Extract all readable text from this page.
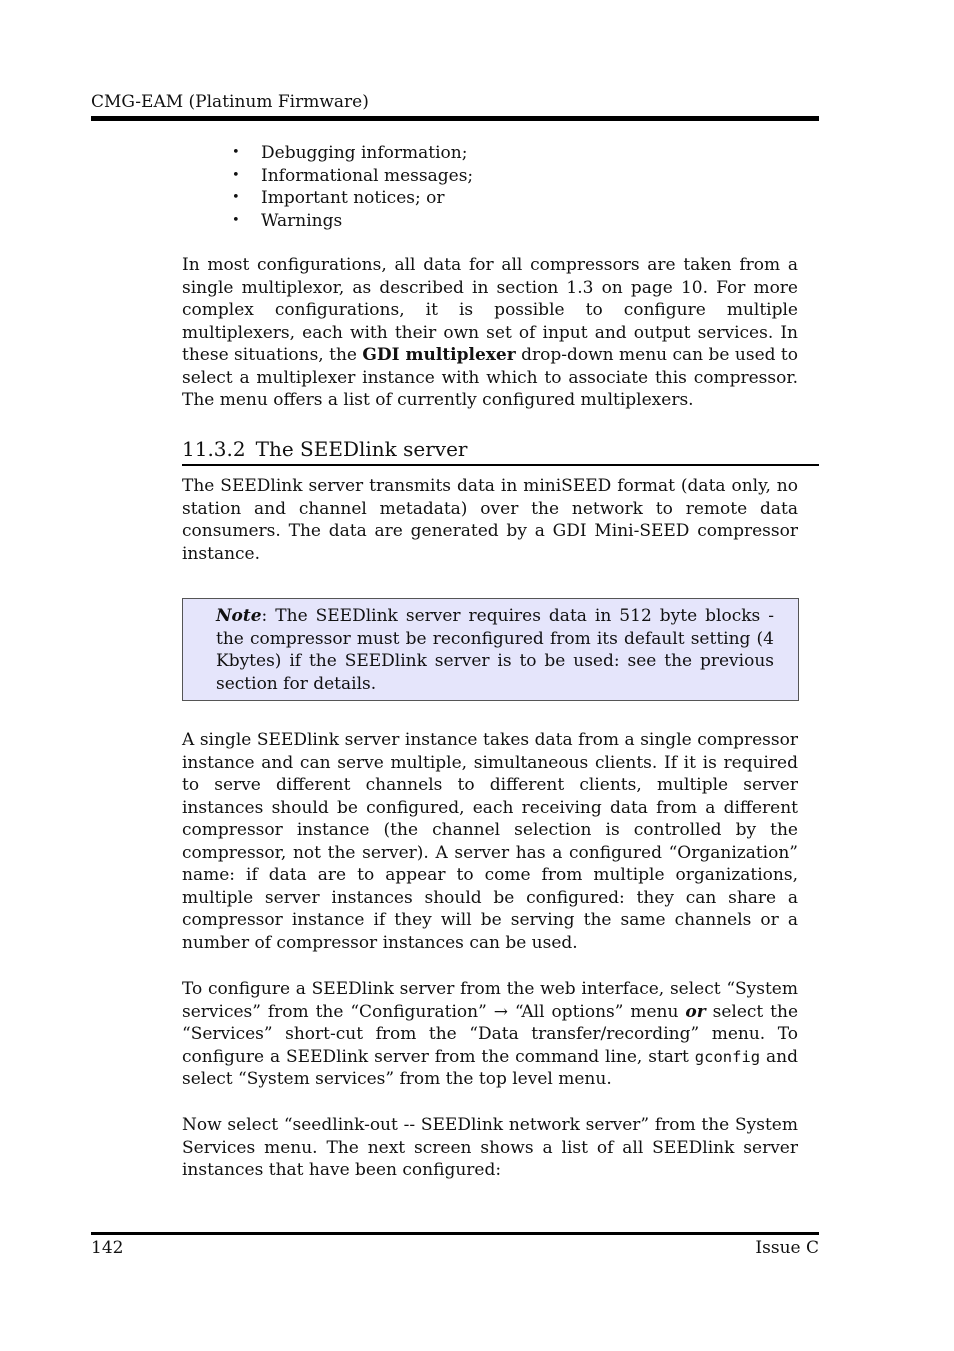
CMG-EAM (Platinum Firmware)
• Debugging information;
• Informational messages;
• Important notices; or
• Warnings

In most configurations, all data for all compressors are taken from a single multiplexor, as described in section 1.3 on page 10. For more complex configurations, it is possible to configure multiple multiplexers, each with their own set of input and output services. In these situations, the GDI multiplexer drop-down menu can be used to select a multiplexer instance with which to associate this compressor. The menu offers a list of currently configured multiplexers.

11.3.2 The SEEDlink server

The SEEDlink server transmits data in miniSEED format (data only, no station and channel metadata) over the network to remote data consumers. The data are generated by a GDI Mini-SEED compressor instance.

Note: The SEEDlink server requires data in 512 byte blocks - the compressor must be reconfigured from its default setting (4 Kbytes) if the SEEDlink server is to be used: see the previous section for details.

A single SEEDlink server instance takes data from a single compressor instance and can serve multiple, simultaneous clients. If it is required to serve different channels to different clients, multiple server instances should be configured, each receiving data from a different compressor instance (the channel selection is controlled by the compressor, not the server). A server has a configured “Organization” name: if data are to appear to come from multiple organizations, multiple server instances should be configured: they can share a compressor instance if they will be serving the same channels or a number of compressor instances can be used.

To configure a SEEDlink server from the web interface, select “System services” from the “Configuration” → “All options” menu or select the “Services” short-cut from the “Data transfer/recording” menu. To configure a SEEDlink server from the command line, start gconfig and select “System services” from the top level menu.

Now select “seedlink-out -- SEEDlink network server” from the System Services menu. The next screen shows a list of all SEEDlink server instances that have been configured:

142	Issue C
